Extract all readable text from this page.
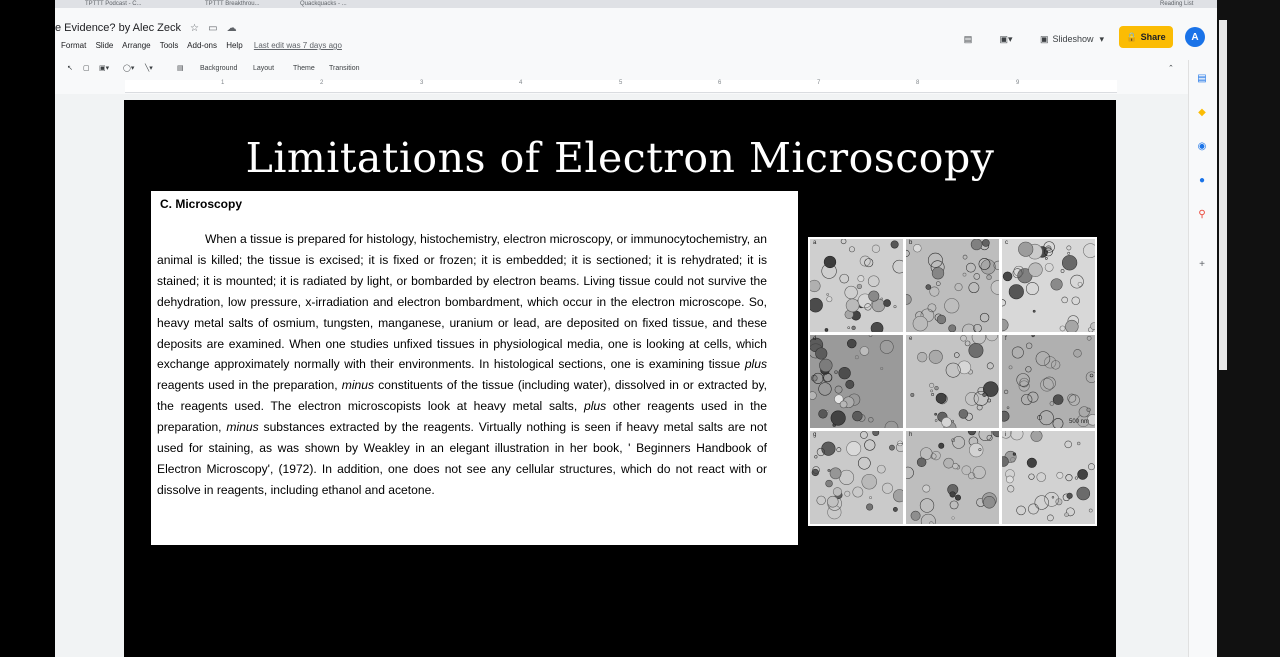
TPTTT Podcast - C...	TPTTT Breakthrou...	Quackquacks - ...	Reading List
e Evidence? by Alec Zeck ☆ ▭ ☁
Format Slide Arrange Tools Add-ons Help Last edit was 7 days ago
▤	▣▾	▣ Slideshow ▾ 🔒 Share	A
↖ ▢ ▣▾ ◯▾ ╲▾	▤ Background Layout	Theme Transition	⌃
1	2	3	4	5	6	7	8	9	▤
◆
◉
●
⚲
+
Limitations of Electron Microscopy
C. Microscopy

When a tissue is prepared for histology, histochemistry, electron microscopy, or immunocytochemistry, an animal is killed; the tissue is excised; it is fixed or frozen; it is embedded; it is sectioned; it is rehydrated; it is stained; it is mounted; it is radiated by light, or bombarded by electron beams. Living tissue could not survive the dehydration, low pressure, x-irradiation and electron bombardment, which occur in the electron microscope. So, heavy metal salts of osmium, tungsten, manganese, uranium or lead, are deposited on fixed tissue, and these deposits are examined. When one studies unfixed tissues in physiological media, one is looking at cells, which exchange approximately normally with their environments. In histological sections, one is examining tissue plus reagents used in the preparation, minus constituents of the tissue (including water), dissolved in or extracted by, the reagents used. The electron microscopists look at heavy metal salts, plus other reagents used in the preparation, minus substances extracted by the reagents. Virtually nothing is seen if heavy metal salts are not used for staining, as was shown by Weakley in an elegant illustration in her book, ' Beginners Handbook of Electron Microscopy', (1972). In addition, one does not see any cellular structures, which do not react with or dissolve in reagents, including ethanol and acetone.

a	b	c
d	e	f
500 nm
g	h	i
